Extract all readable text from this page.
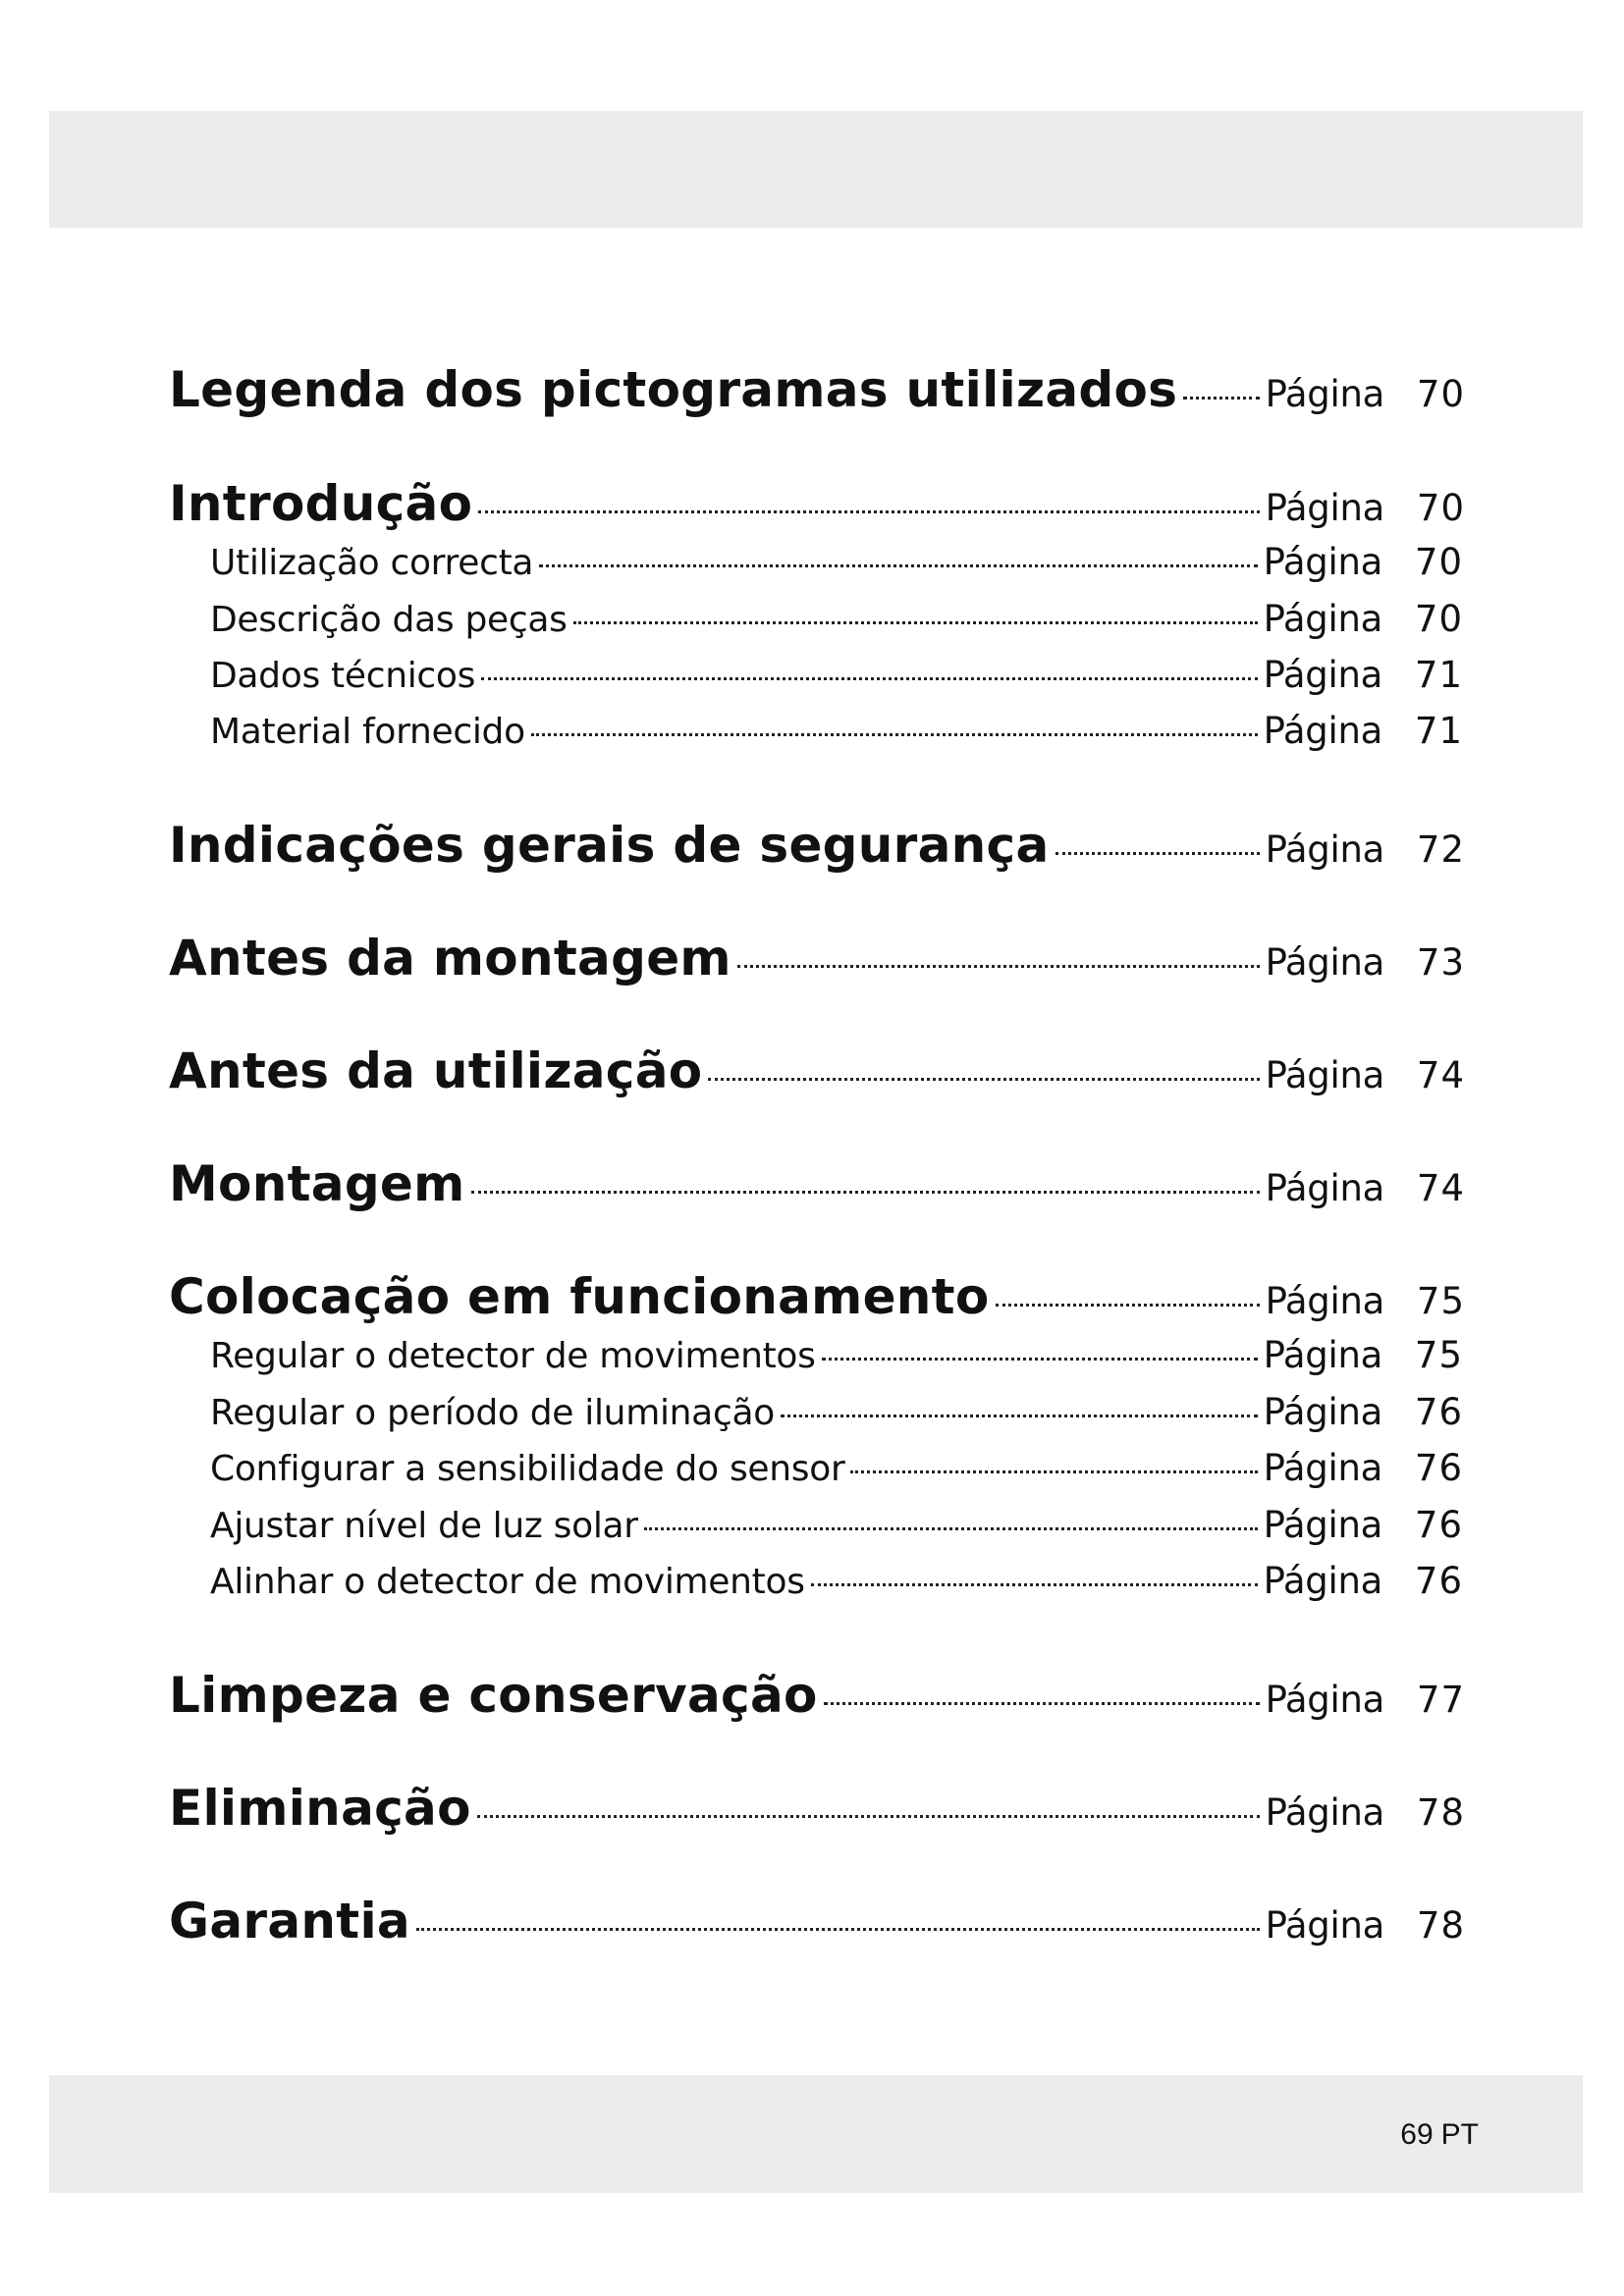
Legenda dos pictogramas utilizados Página 70
Introdução	Página 70
Utilização correcta	Página 70
Descrição das peças	Página 70
Dados técnicos	Página 71
Material fornecido	Página 71
Indicações gerais de segurança	Página 72
Antes da montagem	Página 73
Antes da utilização	Página 74
Montagem	Página 74
Colocação em funcionamento	Página 75
Regular o detector de movimentos	Página 75
Regular o período de iluminação	Página 76
Configurar a sensibilidade do sensor	Página 76
Ajustar nível de luz solar	Página 76
Alinhar o detector de movimentos	Página 76
Limpeza e conservação	Página 77
Eliminação	Página 78
Garantia	Página 78
69 PT
